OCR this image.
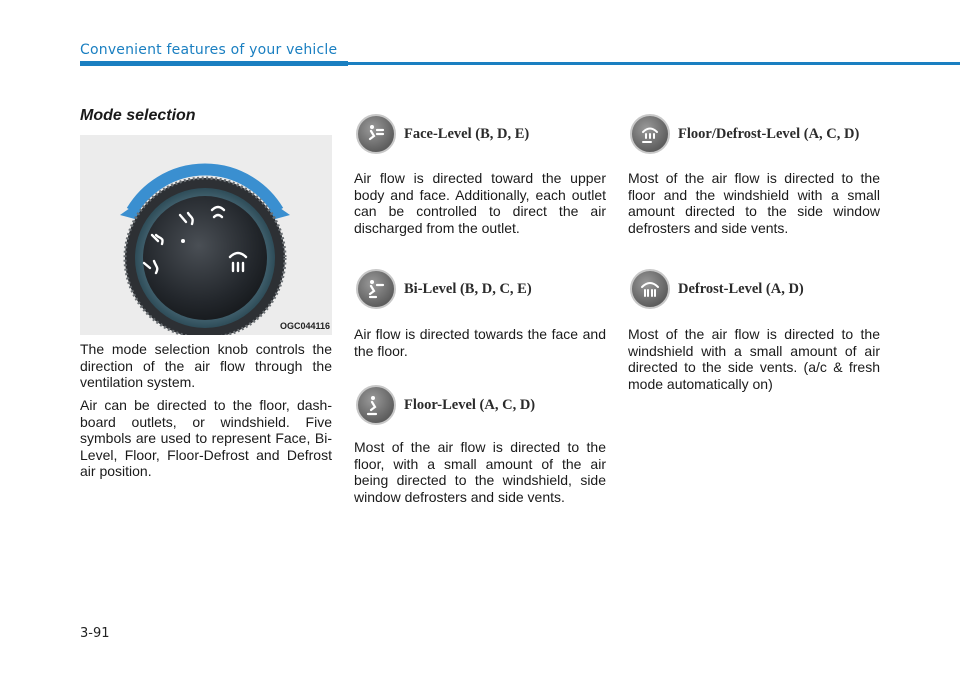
Convenient features of your vehicle
Mode selection
OGC044116

The mode selection knob controls the direction of the air flow through the ventilation system.

Air can be directed to the floor, dash-board outlets, or windshield. Five symbols are used to represent Face, Bi-Level, Floor, Floor-Defrost and Defrost air position.

Face-Level (B, D, E)

Air flow is directed toward the upper body and face. Additionally, each outlet can be controlled to direct the air discharged from the outlet.

Bi-Level (B, D, C, E)

Air flow is directed towards the face and the floor.

Floor-Level (A, C, D)

Most of the air flow is directed to the floor, with a small amount of the air being directed to the windshield, side window defrosters and side vents.

Floor/Defrost-Level (A, C, D)

Most of the air flow is directed to the floor and the windshield with a small amount directed to the side window defrosters and side vents.

Defrost-Level (A, D)

Most of the air flow is directed to the windshield with a small amount of air directed to the side vents. (a/c & fresh mode automatically on)

3-91
